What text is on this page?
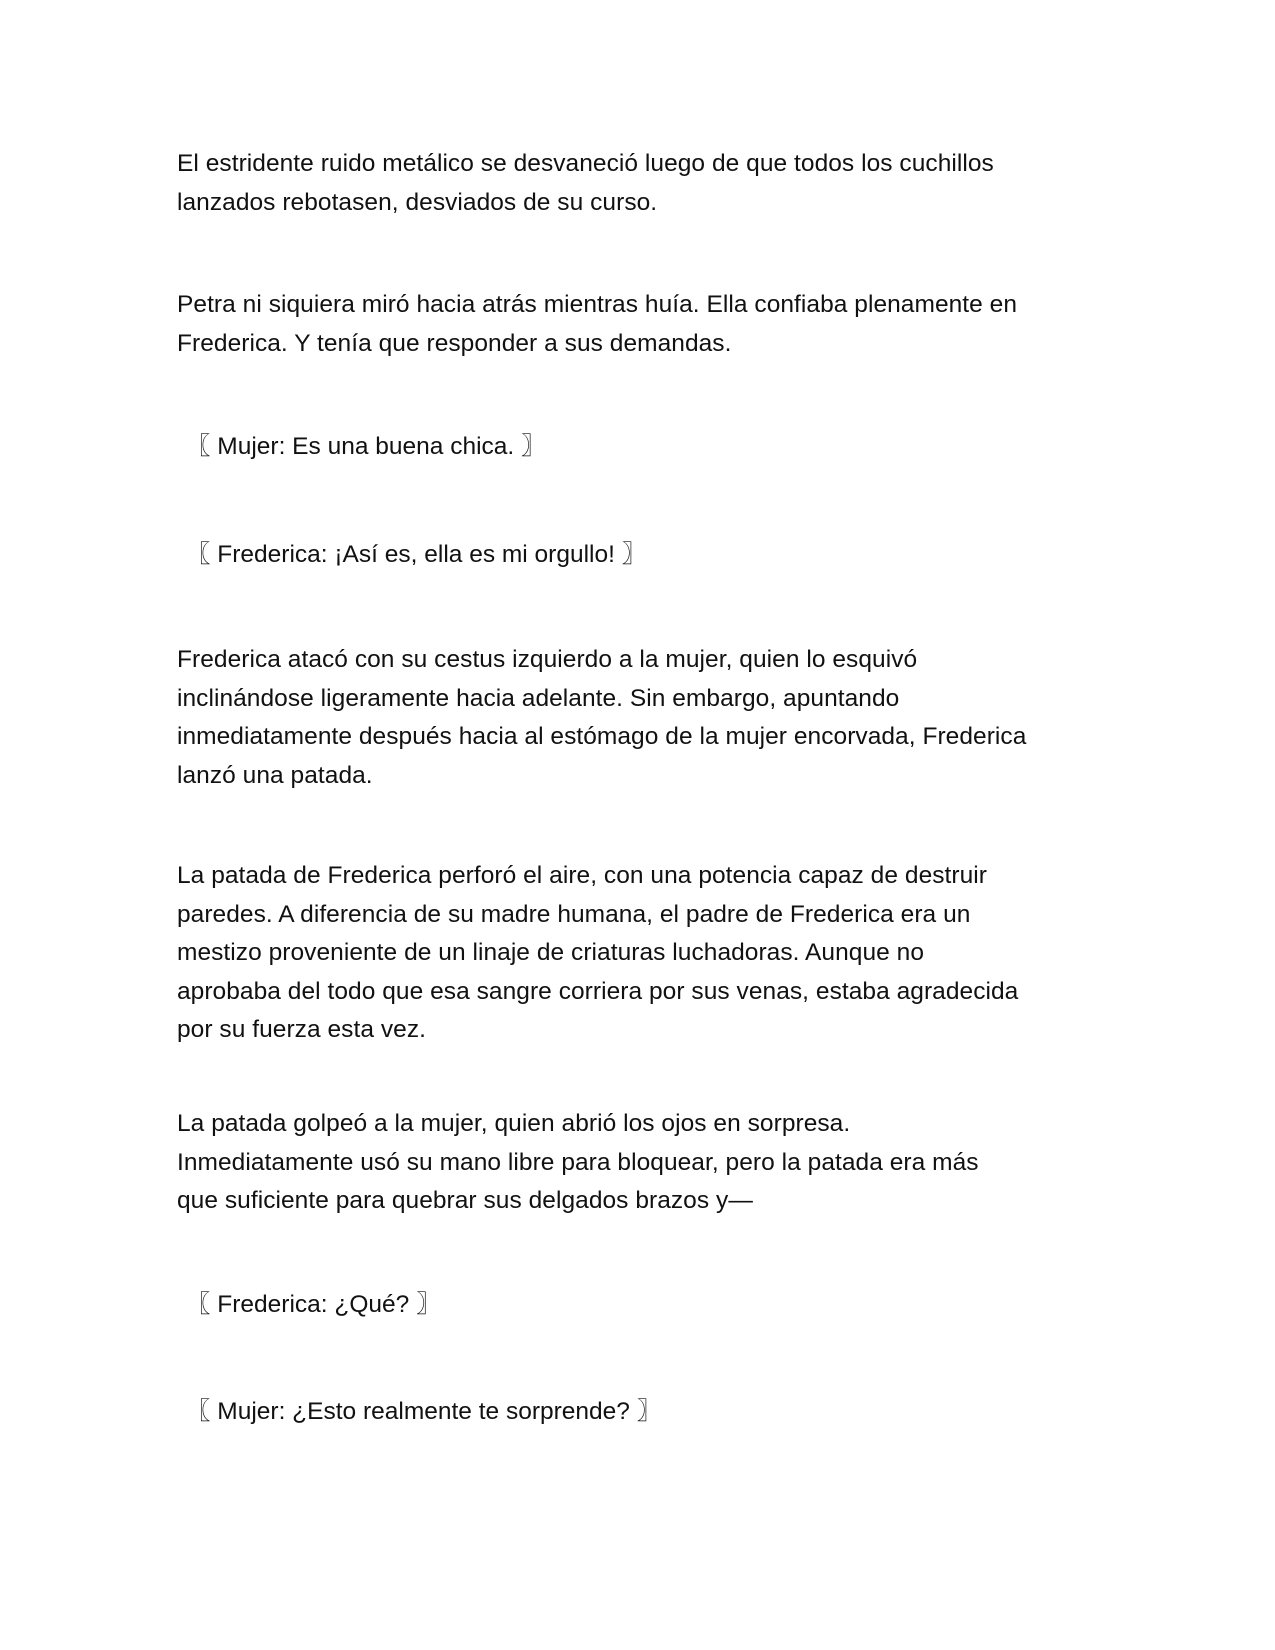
El estridente ruido metálico se desvaneció luego de que todos los cuchillos
lanzados rebotasen, desviados de su curso.

Petra ni siquiera miró hacia atrás mientras huía. Ella confiaba plenamente en
Frederica. Y tenía que responder a sus demandas.

〖 Mujer: Es una buena chica. 〗

〖 Frederica: ¡Así es, ella es mi orgullo! 〗

Frederica atacó con su cestus izquierdo a la mujer, quien lo esquivó
inclinándose ligeramente hacia adelante. Sin embargo, apuntando
inmediatamente después hacia al estómago de la mujer encorvada, Frederica
lanzó una patada.

La patada de Frederica perforó el aire, con una potencia capaz de destruir
paredes. A diferencia de su madre humana, el padre de Frederica era un
mestizo proveniente de un linaje de criaturas luchadoras. Aunque no
aprobaba del todo que esa sangre corriera por sus venas, estaba agradecida
por su fuerza esta vez.

La patada golpeó a la mujer, quien abrió los ojos en sorpresa.
Inmediatamente usó su mano libre para bloquear, pero la patada era más
que suficiente para quebrar sus delgados brazos y—

〖 Frederica: ¿Qué? 〗

〖 Mujer: ¿Esto realmente te sorprende? 〗
